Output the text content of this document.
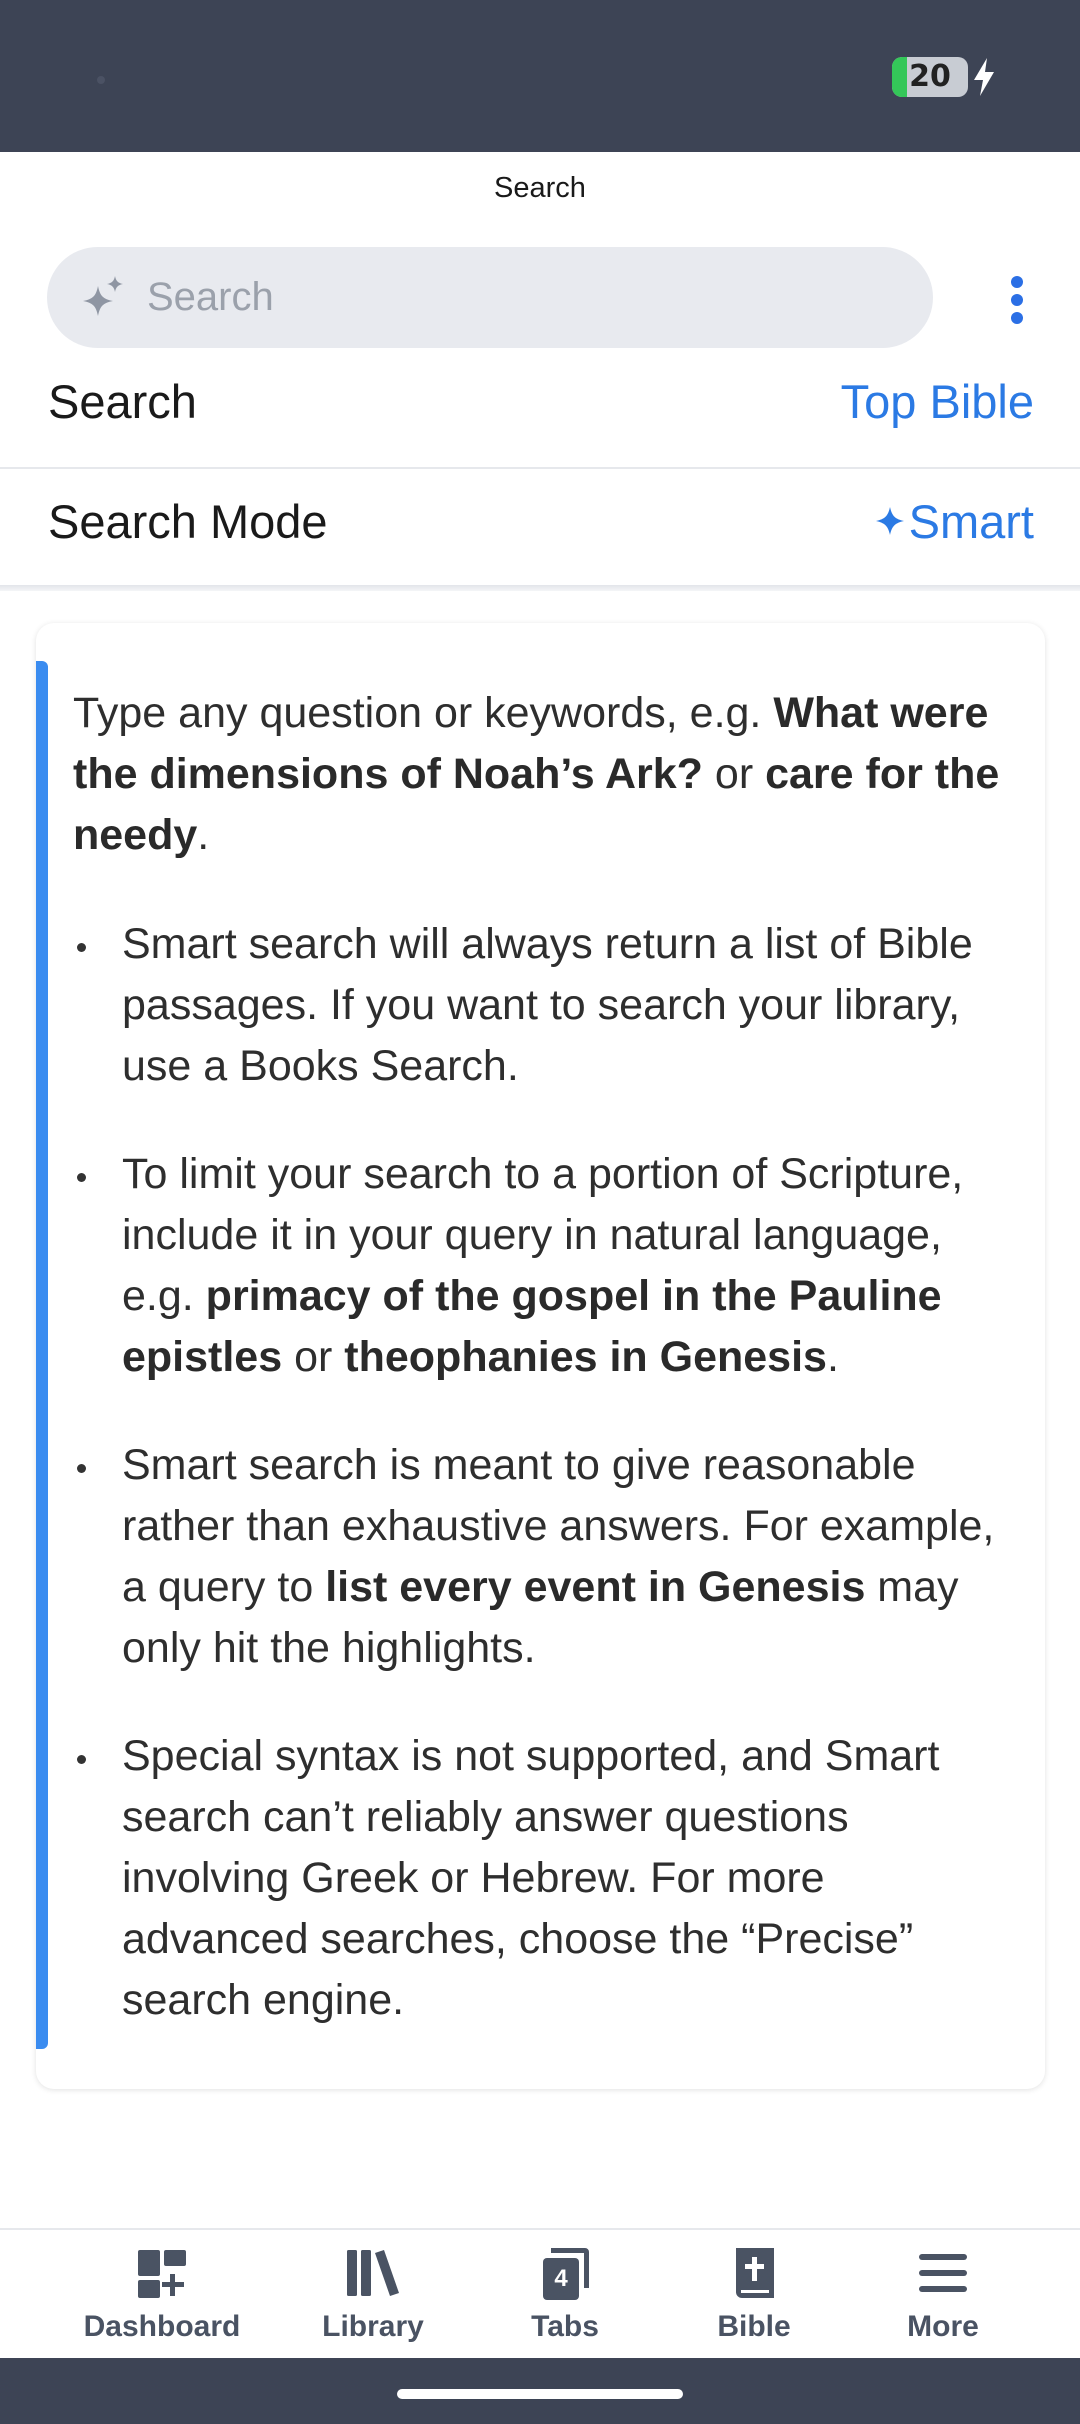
20
Search
Search
Search	Top Bible
Search Mode	Smart

Type any question or keywords, e.g. What were the dimensions of Noah’s Ark? or care for the needy.

Smart search will always return a list of Bible passages. If you want to search your library, use a Books Search.
To limit your search to a portion of Scripture, include it in your query in natural language, e.g. primacy of the gospel in the Pauline epistles or theophanies in Genesis.
Smart search is meant to give reasonable rather than exhaustive answers. For example, a query to list every event in Genesis may only hit the highlights.
Special syntax is not supported, and Smart search can’t reliably answer questions involving Greek or Hebrew. For more advanced searches, choose the “Precise” search engine.
Dashboard	Library
4
Tabs	Bible	More
